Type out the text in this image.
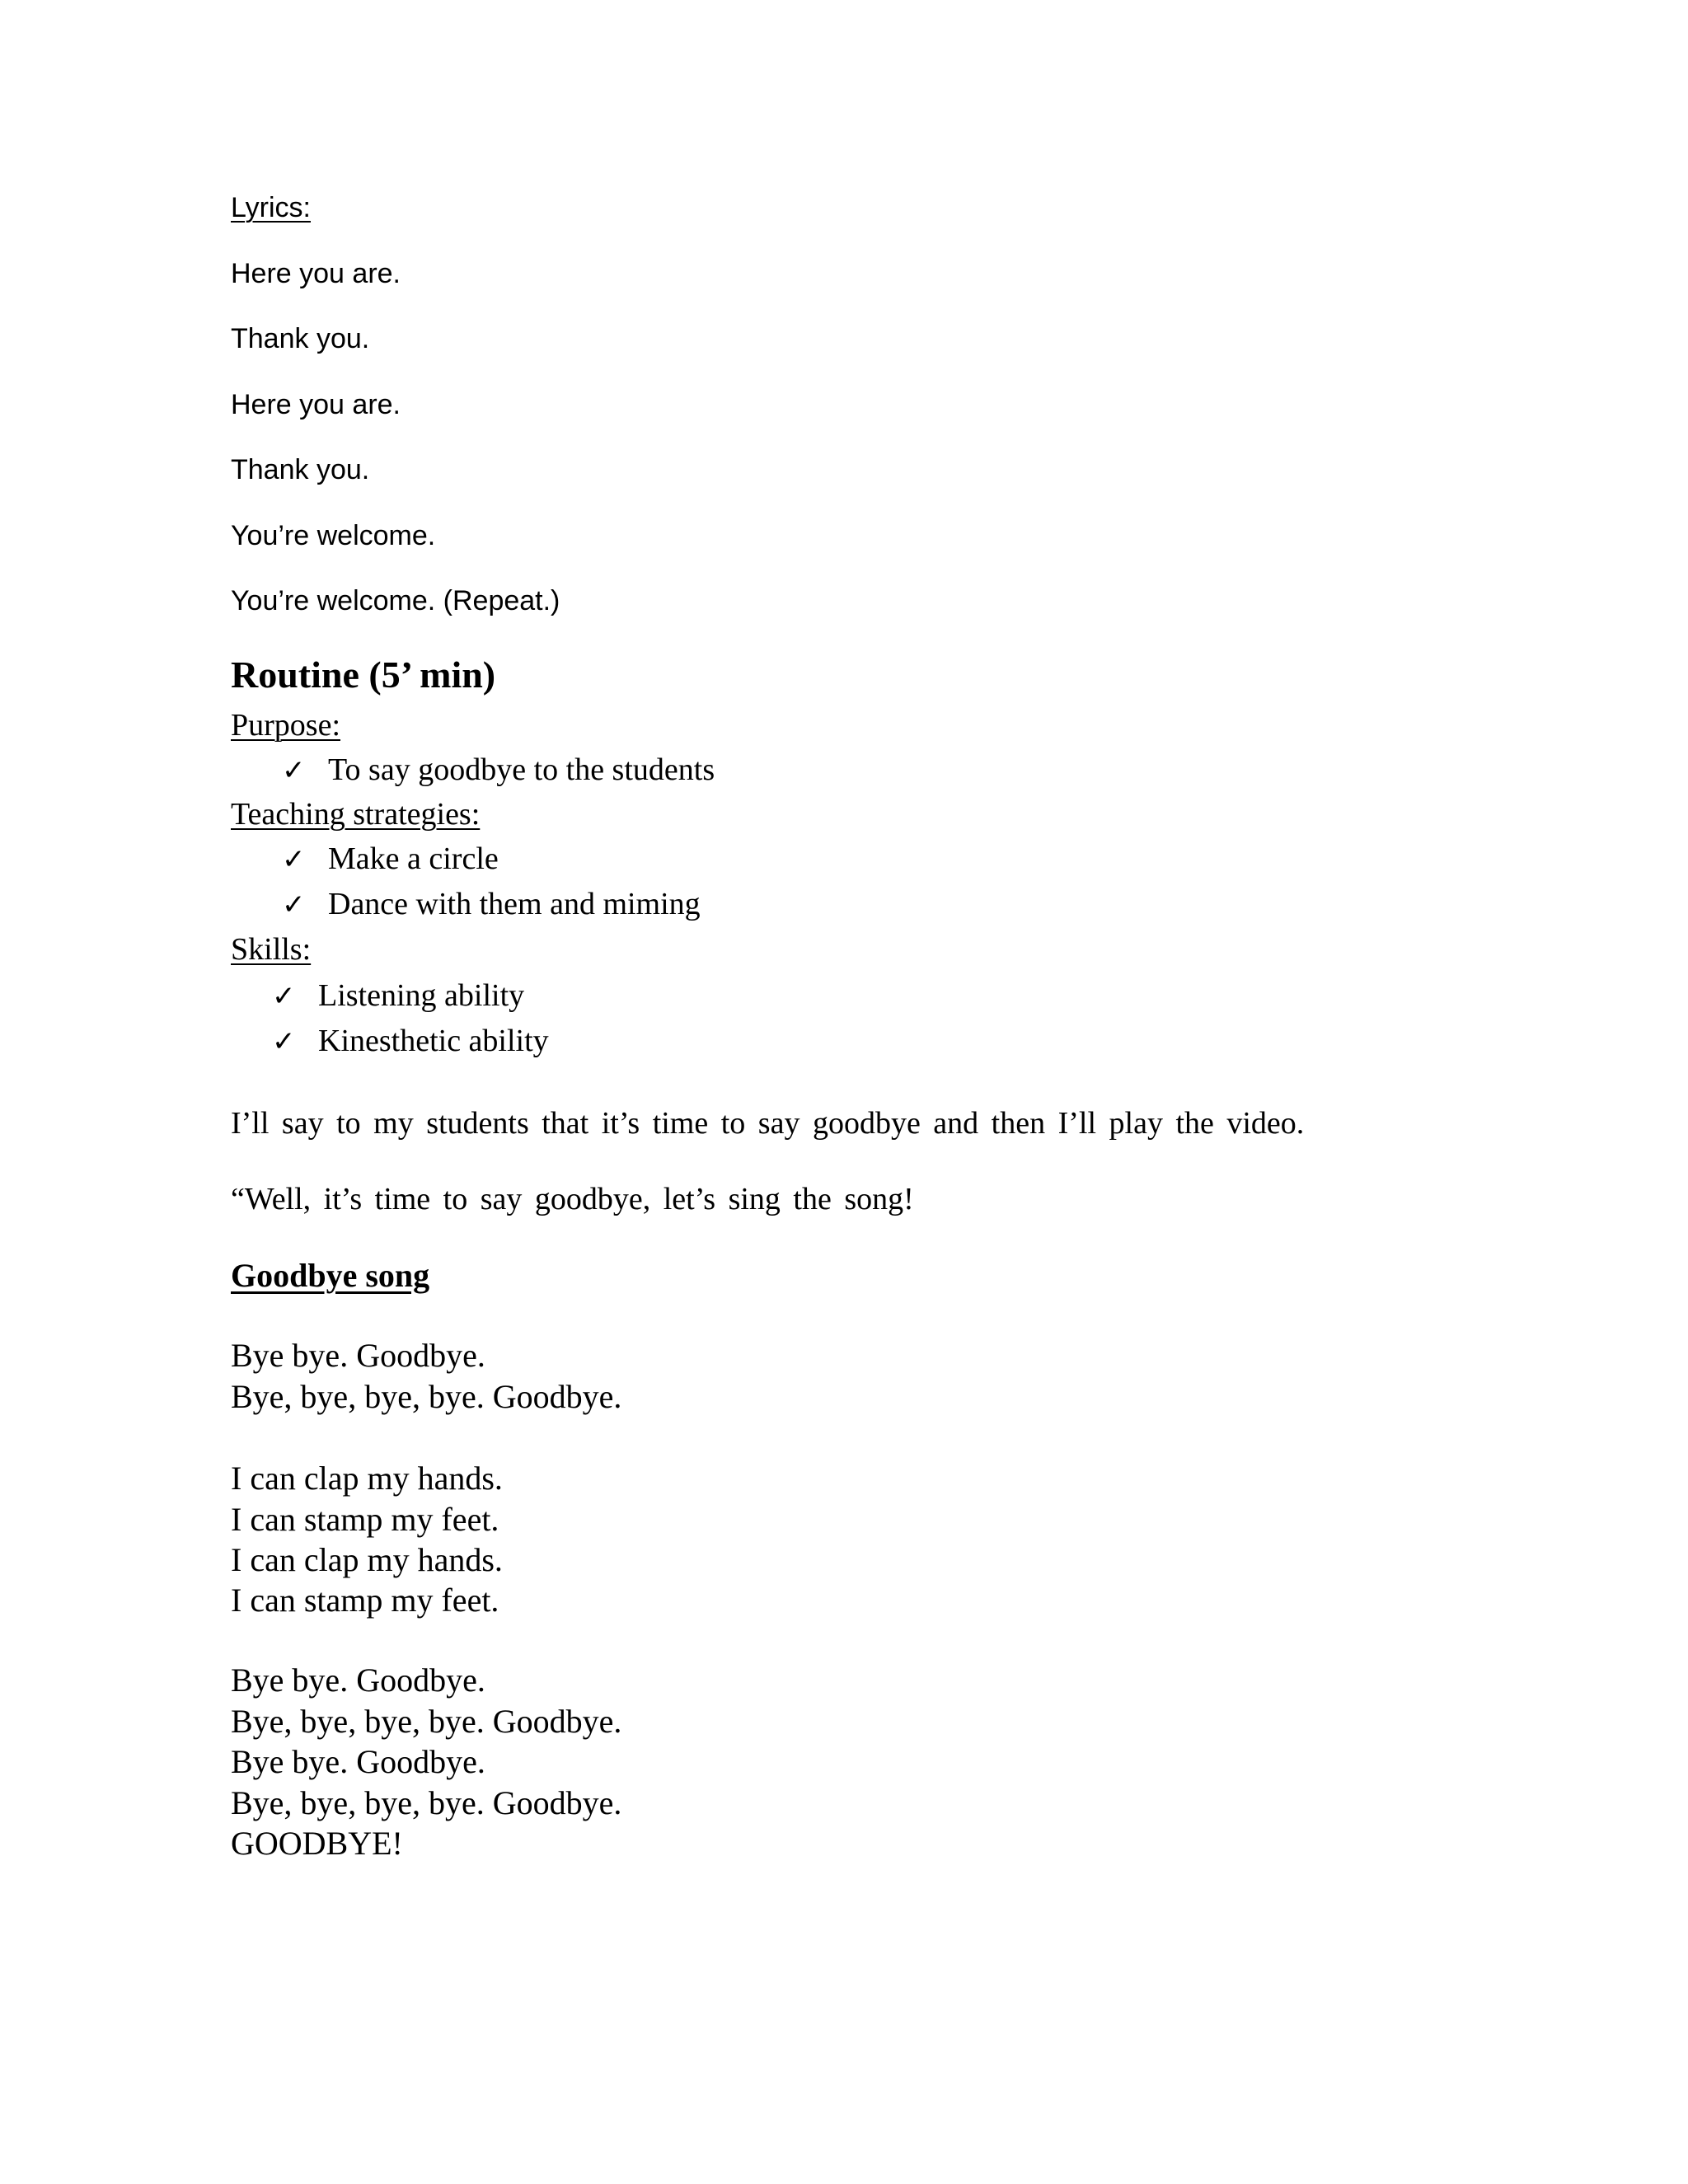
Lyrics:
Here you are.
Thank you.
Here you are.
Thank you.
You’re welcome.
You’re welcome. (Repeat.)
Routine (5’ min)
Purpose:
✓ To say goodbye to the students
Teaching strategies:
✓ Make a circle
✓ Dance with them and miming
Skills:
✓ Listening ability
✓ Kinesthetic ability
I’ll say to my students that it’s time to say goodbye and then I’ll play the video.
“Well, it’s time to say goodbye, let’s sing the song!
Goodbye song
Bye bye. Goodbye.
Bye, bye, bye, bye. Goodbye.
I can clap my hands.
I can stamp my feet.
I can clap my hands.
I can stamp my feet.
Bye bye. Goodbye.
Bye, bye, bye, bye. Goodbye.
Bye bye. Goodbye.
Bye, bye, bye, bye. Goodbye.
GOODBYE!
